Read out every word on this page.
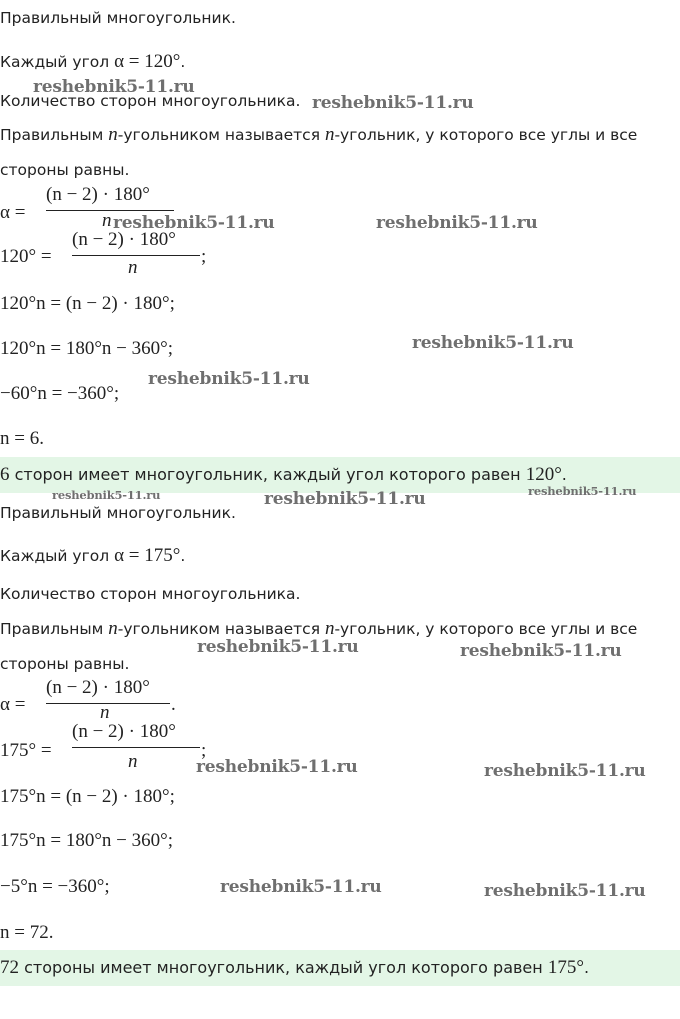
Правильный многоугольник.
Каждый угол α = 120°.
Количество сторон многоугольника.
Правильным n-угольником называется n-угольник, у которого все углы и все
стороны равны.
α =
(n − 2) · 180°
n
120° =
(n − 2) · 180°
n
;
120°n = (n − 2) · 180°;
120°n = 180°n − 360°;
−60°n = −360°;
n = 6.
6 сторон имеет многоугольник, каждый угол которого равен 120°.
Правильный многоугольник.
Каждый угол α = 175°.
Количество сторон многоугольника.
Правильным n-угольником называется n-угольник, у которого все углы и все
стороны равны.
α =
(n − 2) · 180°
n	.
175° =
(n − 2) · 180°
n
;
175°n = (n − 2) · 180°;
175°n = 180°n − 360°;
−5°n = −360°;
n = 72.
72 стороны имеет многоугольник, каждый угол которого равен 175°.
reshebnik5-11.ru
reshebnik5-11.ru
reshebnik5-11.ru	reshebnik5-11.ru
reshebnik5-11.ru
reshebnik5-11.ru
reshebnik5-11.ru	reshebnik5-11.ru	reshebnik5-11.ru
reshebnik5-11.ru	reshebnik5-11.ru
reshebnik5-11.ru	reshebnik5-11.ru
reshebnik5-11.ru	reshebnik5-11.ru
